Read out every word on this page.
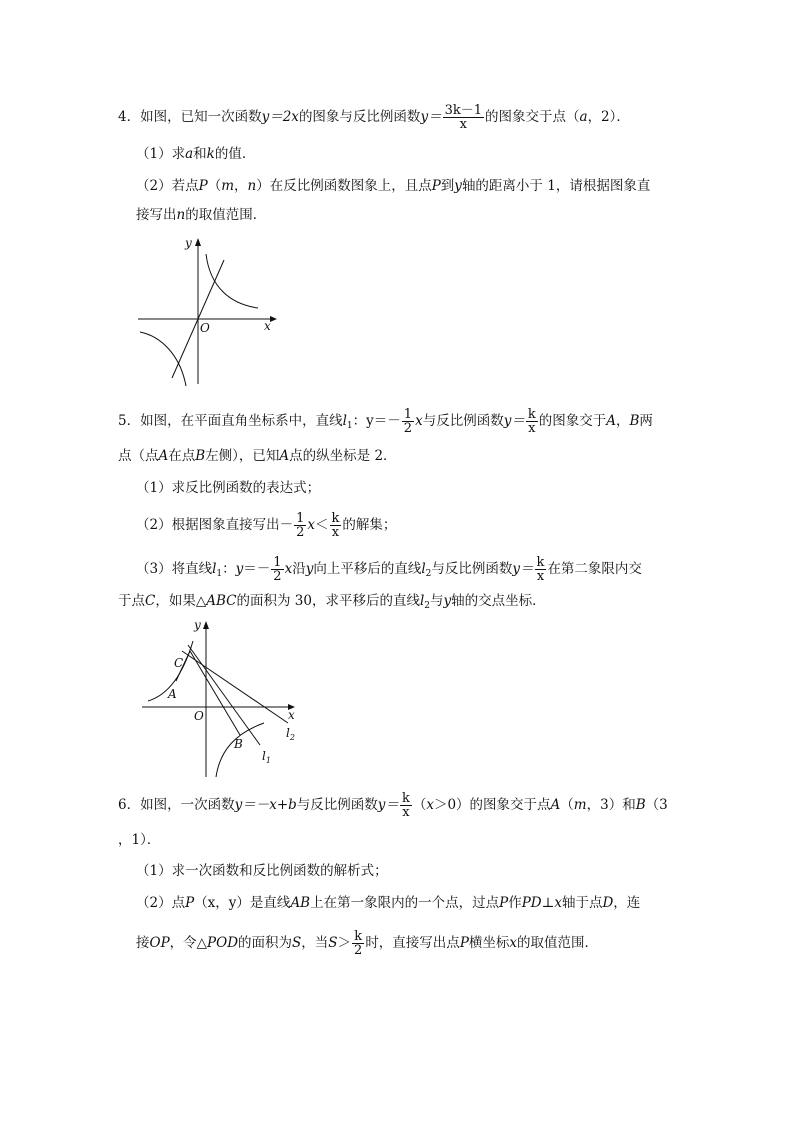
4．如图，已知一次函数y＝2x的图象与反比例函数$y= \frac{3k-1}{x}$ 的图象交于点（a，2）．
（1）求a和k的值．
（2）若点P（m，n）在反比例函数图象上，且点P到y轴的距离小于 1，请根据图象直
接写出n的取值范围．
y
x
O
5．如图，在平面直角坐标系中，直线$l_1$：$y=- \frac{1}{2}$ x与反比例函数$y= \frac{k}{x}$ 的图象交于A，B两
点（点A在点B左侧），已知A点的纵坐标是 2．
（1）求反比例函数的表达式；
（2）根据图象直接写出－ $\frac{1}{2} x< \frac{k}{x}$ 的解集；
（3）将直线$l_1$：$y=- \frac{1}{2}$ x沿y向上平移后的直线$l_2$与反比例函数$y= \frac{k}{x}$ 在第二象限内交
于点C，如果△ABC的面积为 30，求平移后的直线$l_2$与y轴的交点坐标．
y
x
O
A
B
C
$l_2$
$l_1$
6．如图，一次函数y＝－x+b与反比例函数$y= \frac{k}{x} (x>0)$的图象交于点A（m，3）和B（3
，1）．
（1）求一次函数和反比例函数的解析式；
（2）点P（x，y）是直线AB上在第一象限内的一个点，过点P作PD⊥x轴于点D，连
接OP，令△POD的面积为S，当$S> \frac{k}{2}$ 时，直接写出点P横坐标x的取值范围．
